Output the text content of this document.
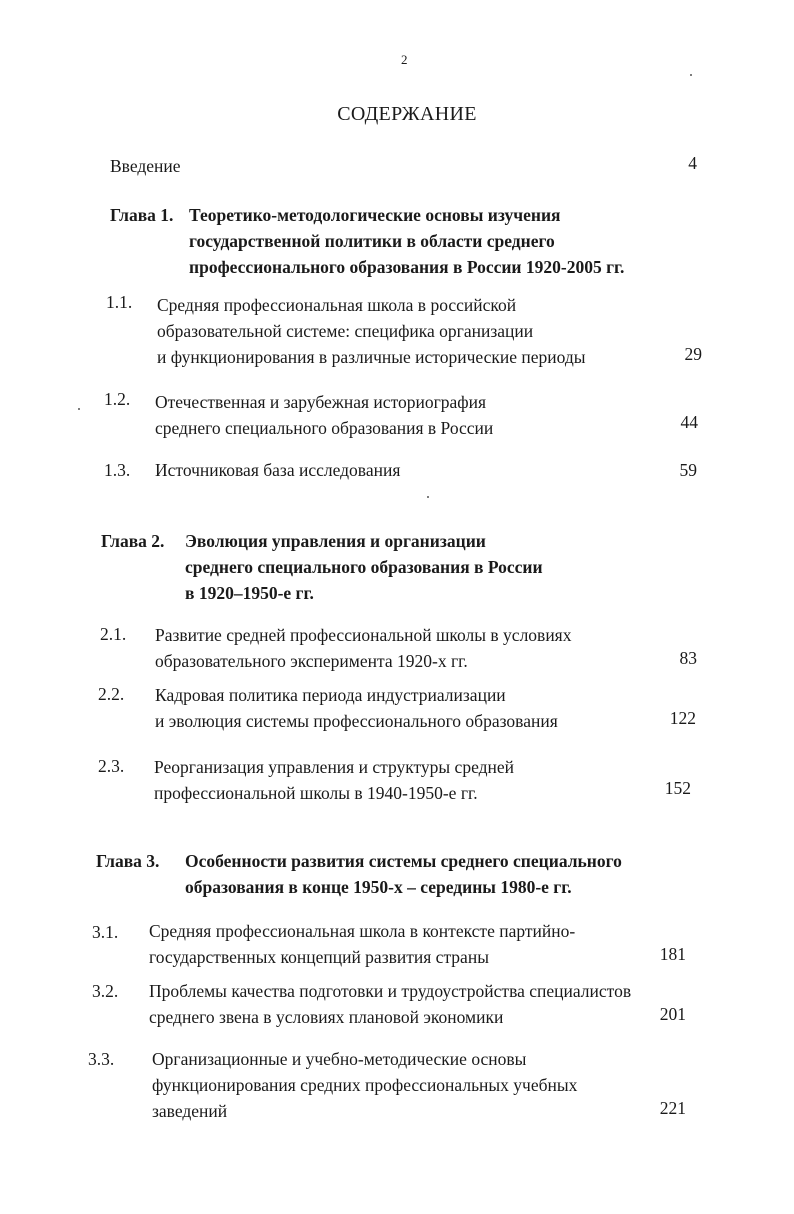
2
СОДЕРЖАНИЕ
Введение	4
Глава 1. Теоретико-методологические основы изучения
государственной политики в области среднего
профессионального образования в России 1920-2005 гг.
1.1. Средняя профессиональная школа в российской
образовательной системе: специфика организации
и функционирования в различные исторические периоды	29
1.2. Отечественная и зарубежная историография
среднего специального образования в России	44
1.3. Источниковая база исследования	59
Глава 2. Эволюция управления и организации
среднего специального образования в России
в 1920–1950-е гг.
2.1. Развитие средней профессиональной школы в условиях
образовательного эксперимента 1920-х гг.	83
2.2. Кадровая политика периода индустриализации
и эволюция системы профессионального образования	122
2.3. Реорганизация управления и структуры средней
профессиональной школы в 1940-1950-е гг.	152
Глава 3. Особенности развития системы среднего специального
образования в конце 1950-х – середины 1980-е гг.
3.1. Средняя профессиональная школа в контексте партийно-
государственных концепций развития страны	181
3.2. Проблемы качества подготовки и трудоустройства специалистов
среднего звена в условиях плановой экономики	201
3.3. Организационные и учебно-методические основы
функционирования средних профессиональных учебных
заведений	221
